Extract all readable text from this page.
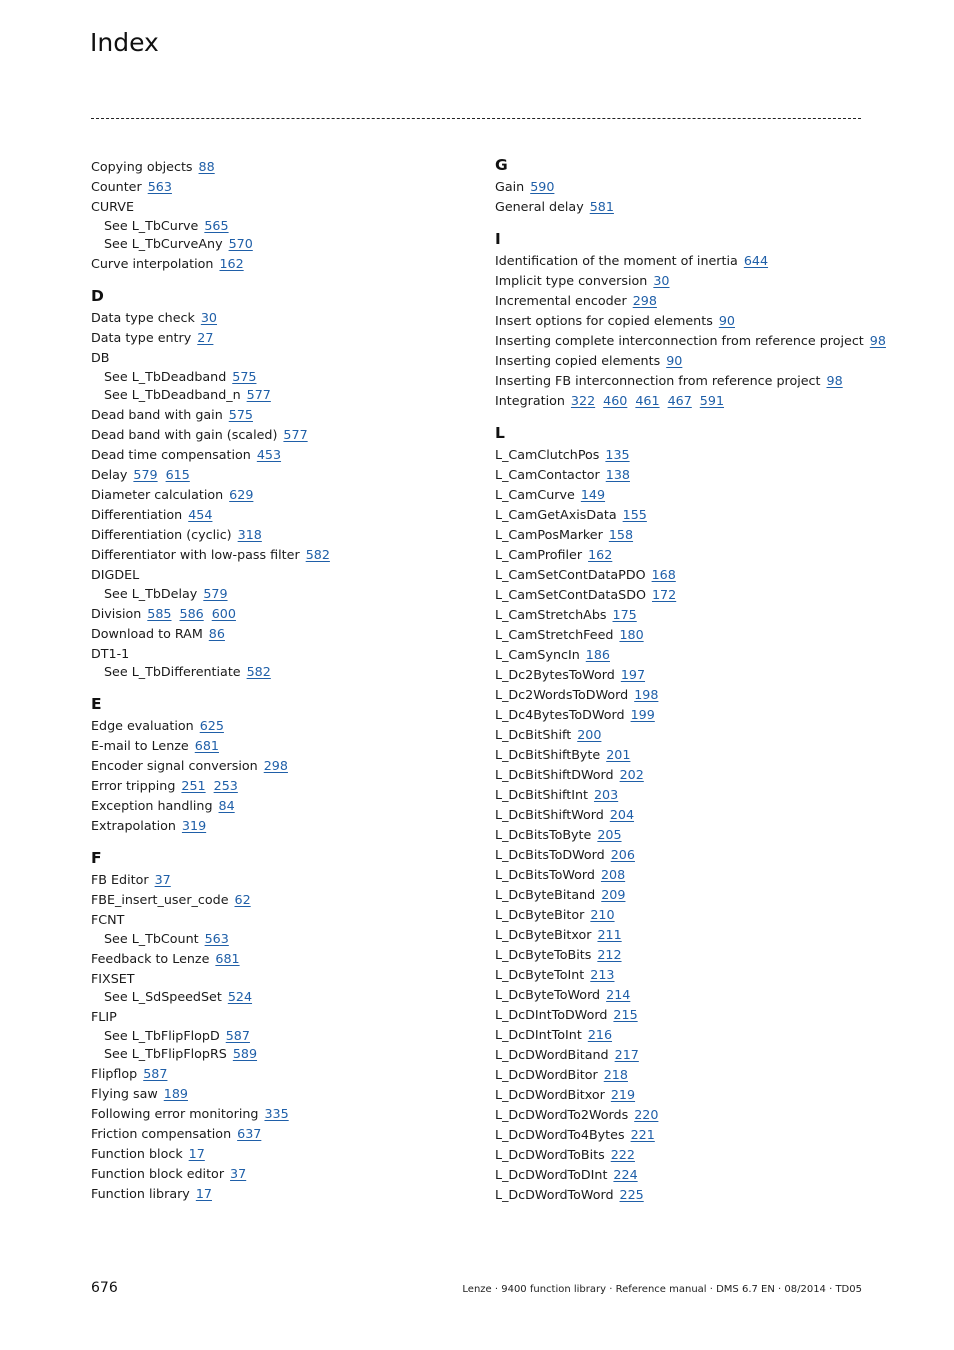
Index
Copying objects 88
Counter 563
CURVE
See L_TbCurve 565
See L_TbCurveAny 570
Curve interpolation 162
D
Data type check 30
Data type entry 27
DB
See L_TbDeadband 575
See L_TbDeadband_n 577
Dead band with gain 575
Dead band with gain (scaled) 577
Dead time compensation 453
Delay 579 615
Diameter calculation 629
Differentiation 454
Differentiation (cyclic) 318
Differentiator with low-pass filter 582
DIGDEL
See L_TbDelay 579
Division 585 586 600
Download to RAM 86
DT1-1
See L_TbDifferentiate 582
E
Edge evaluation 625
E-mail to Lenze 681
Encoder signal conversion 298
Error tripping 251 253
Exception handling 84
Extrapolation 319
F
FB Editor 37
FBE_insert_user_code 62
FCNT
See L_TbCount 563
Feedback to Lenze 681
FIXSET
See L_SdSpeedSet 524
FLIP
See L_TbFlipFlopD 587
See L_TbFlipFlopRS 589
Flipflop 587
Flying saw 189
Following error monitoring 335
Friction compensation 637
Function block 17
Function block editor 37
Function library 17
G
Gain 590
General delay 581
I
Identification of the moment of inertia 644
Implicit type conversion 30
Incremental encoder 298
Insert options for copied elements 90
Inserting complete interconnection from reference project 98
Inserting copied elements 90
Inserting FB interconnection from reference project 98
Integration 322 460 461 467 591
L
L_CamClutchPos 135
L_CamContactor 138
L_CamCurve 149
L_CamGetAxisData 155
L_CamPosMarker 158
L_CamProfiler 162
L_CamSetContDataPDO 168
L_CamSetContDataSDO 172
L_CamStretchAbs 175
L_CamStretchFeed 180
L_CamSyncIn 186
L_Dc2BytesToWord 197
L_Dc2WordsToDWord 198
L_Dc4BytesToDWord 199
L_DcBitShift 200
L_DcBitShiftByte 201
L_DcBitShiftDWord 202
L_DcBitShiftInt 203
L_DcBitShiftWord 204
L_DcBitsToByte 205
L_DcBitsToDWord 206
L_DcBitsToWord 208
L_DcByteBitand 209
L_DcByteBitor 210
L_DcByteBitxor 211
L_DcByteToBits 212
L_DcByteToInt 213
L_DcByteToWord 214
L_DcDIntToDWord 215
L_DcDIntToInt 216
L_DcDWordBitand 217
L_DcDWordBitor 218
L_DcDWordBitxor 219
L_DcDWordTo2Words 220
L_DcDWordTo4Bytes 221
L_DcDWordToBits 222
L_DcDWordToDInt 224
L_DcDWordToWord 225
676	Lenze · 9400 function library · Reference manual · DMS 6.7 EN · 08/2014 · TD05
